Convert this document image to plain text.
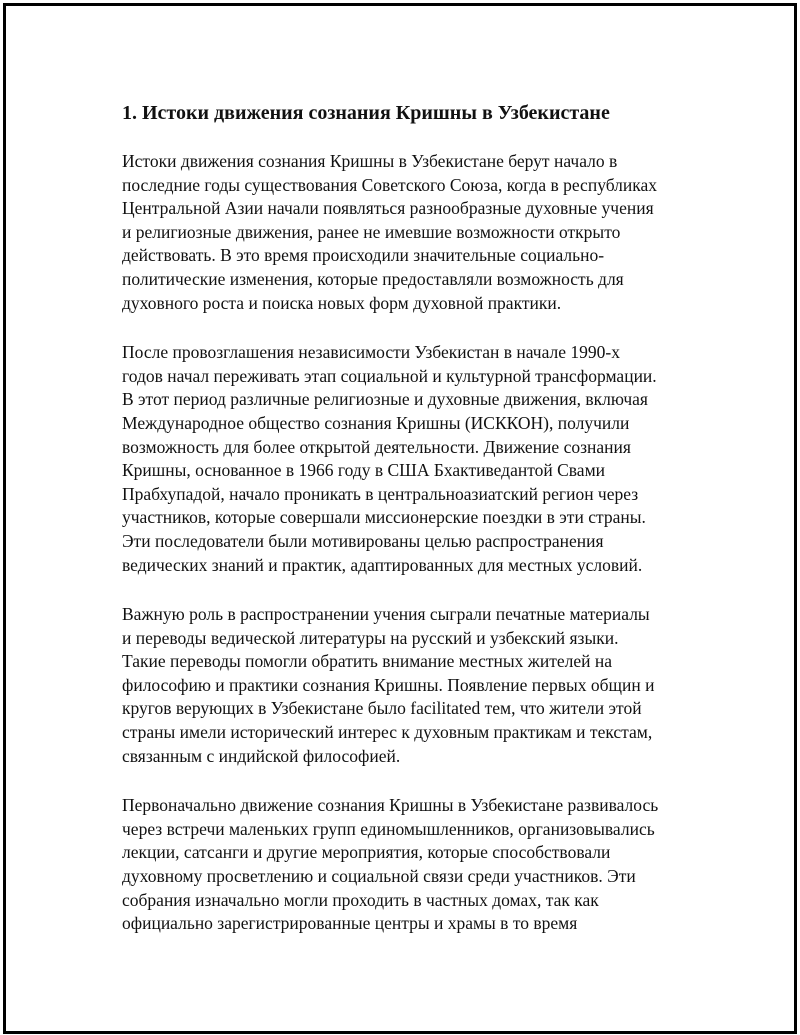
1. Истоки движения сознания Кришны в Узбекистане

Истоки движения сознания Кришны в Узбекистане берут начало в
последние годы существования Советского Союза, когда в республиках
Центральной Азии начали появляться разнообразные духовные учения
и религиозные движения, ранее не имевшие возможности открыто
действовать. В это время происходили значительные социально-
политические изменения, которые предоставляли возможность для
духовного роста и поиска новых форм духовной практики.

После провозглашения независимости Узбекистан в начале 1990-х
годов начал переживать этап социальной и культурной трансформации.
В этот период различные религиозные и духовные движения, включая
Международное общество сознания Кришны (ИСККОН), получили
возможность для более открытой деятельности. Движение сознания
Кришны, основанное в 1966 году в США Бхактиведантой Свами
Прабхупадой, начало проникать в центральноазиатский регион через
участников, которые совершали миссионерские поездки в эти страны.
Эти последователи были мотивированы целью распространения
ведических знаний и практик, адаптированных для местных условий.

Важную роль в распространении учения сыграли печатные материалы
и переводы ведической литературы на русский и узбекский языки.
Такие переводы помогли обратить внимание местных жителей на
философию и практики сознания Кришны. Появление первых общин и
кругов верующих в Узбекистане было facilitated тем, что жители этой
страны имели исторический интерес к духовным практикам и текстам,
связанным с индийской философией.

Первоначально движение сознания Кришны в Узбекистане развивалось
через встречи маленьких групп единомышленников, организовывались
лекции, сатсанги и другие мероприятия, которые способствовали
духовному просветлению и социальной связи среди участников. Эти
собрания изначально могли проходить в частных домах, так как
официально зарегистрированные центры и храмы в то время
